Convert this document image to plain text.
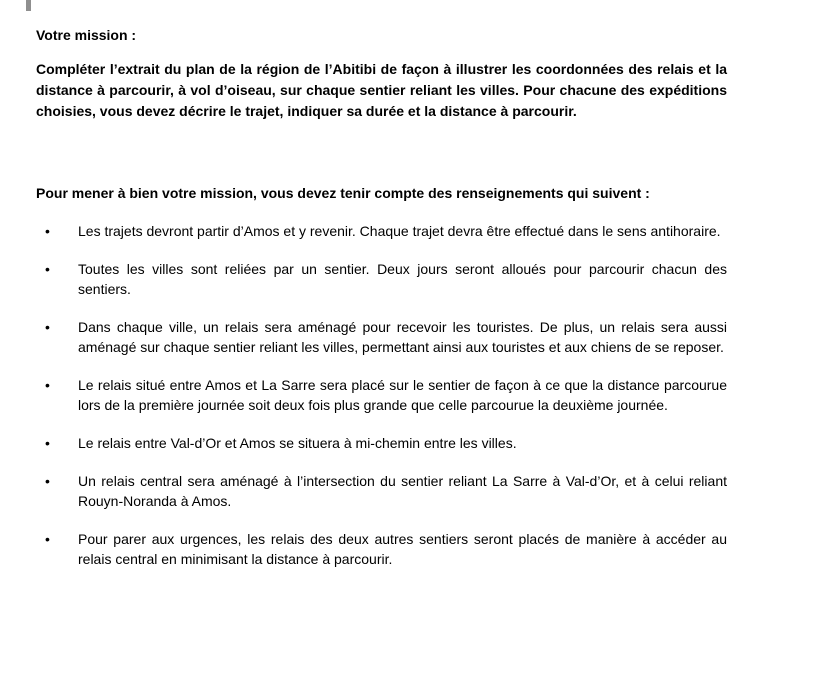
Votre mission :

Compléter l’extrait du plan de la région de l’Abitibi de façon à illustrer les coordonnées des relais et la distance à parcourir, à vol d’oiseau, sur chaque sentier reliant les villes. Pour chacune des expéditions choisies, vous devez décrire le trajet, indiquer sa durée et la distance à parcourir.

Pour mener à bien votre mission, vous devez tenir compte des renseignements qui suivent :
• Les trajets devront partir d’Amos et y revenir. Chaque trajet devra être effectué dans le sens antihoraire.
• Toutes les villes sont reliées par un sentier. Deux jours seront alloués pour parcourir chacun des sentiers.
• Dans chaque ville, un relais sera aménagé pour recevoir les touristes. De plus, un relais sera aussi aménagé sur chaque sentier reliant les villes, permettant ainsi aux touristes et aux chiens de se reposer.
• Le relais situé entre Amos et La Sarre sera placé sur le sentier de façon à ce que la distance parcourue lors de la première journée soit deux fois plus grande que celle parcourue la deuxième journée.
• Le relais entre Val-d’Or et Amos se situera à mi-chemin entre les villes.
• Un relais central sera aménagé à l’intersection du sentier reliant La Sarre à Val-d’Or, et à celui reliant Rouyn-Noranda à Amos.
• Pour parer aux urgences, les relais des deux autres sentiers seront placés de manière à accéder au relais central en minimisant la distance à parcourir.
